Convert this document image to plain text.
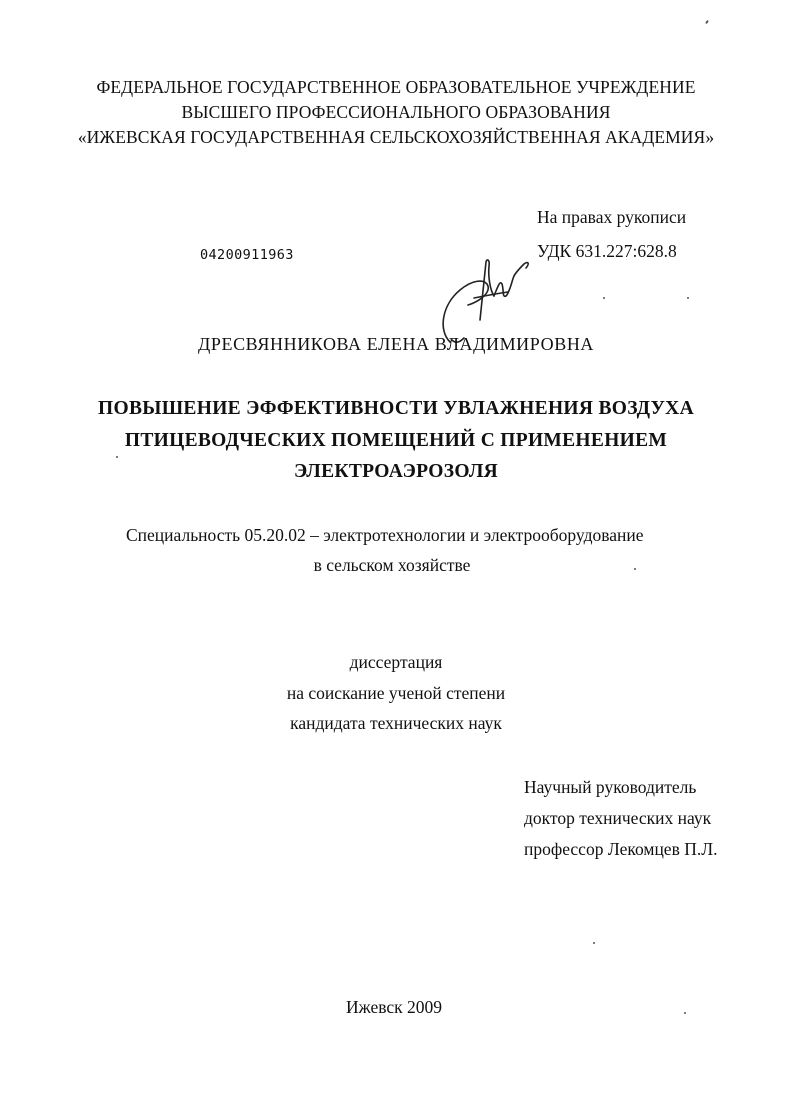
ФЕДЕРАЛЬНОЕ ГОСУДАРСТВЕННОЕ ОБРАЗОВАТЕЛЬНОЕ УЧРЕЖДЕНИЕ
ВЫСШЕГО ПРОФЕССИОНАЛЬНОГО ОБРАЗОВАНИЯ
«ИЖЕВСКАЯ ГОСУДАРСТВЕННАЯ СЕЛЬСКОХОЗЯЙСТВЕННАЯ АКАДЕМИЯ»
На правах рукописи
УДК 631.227:628.8
04200911963
ДРЕСВЯННИКОВА ЕЛЕНА ВЛАДИМИРОВНА
ПОВЫШЕНИЕ ЭФФЕКТИВНОСТИ УВЛАЖНЕНИЯ ВОЗДУХА
ПТИЦЕВОДЧЕСКИХ ПОМЕЩЕНИЙ С ПРИМЕНЕНИЕМ
ЭЛЕКТРОАЭРОЗОЛЯ
Специальность 05.20.02 – электротехнологии и электрооборудование
в сельском хозяйстве
диссертация
на соискание ученой степени
кандидата технических наук
Научный руководитель
доктор технических наук
профессор Лекомцев П.Л.
Ижевск 2009
